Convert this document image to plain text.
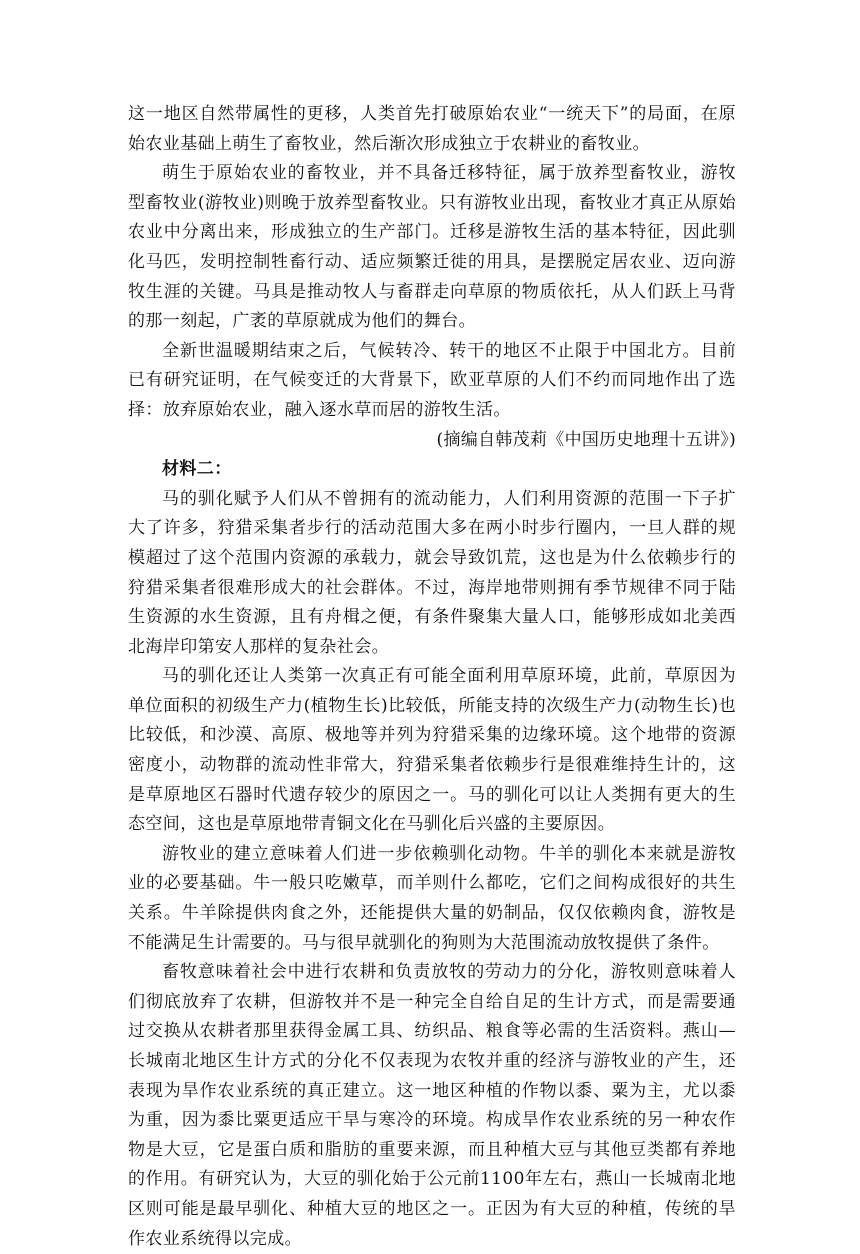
这一地区自然带属性的更移，人类首先打破原始农业“一统天下”的局面，在原始农业基础上萌生了畜牧业，然后渐次形成独立于农耕业的畜牧业。

萌生于原始农业的畜牧业，并不具备迁移特征，属于放养型畜牧业，游牧型畜牧业(游牧业)则晚于放养型畜牧业。只有游牧业出现，畜牧业才真正从原始农业中分离出来，形成独立的生产部门。迁移是游牧生活的基本特征，因此驯化马匹，发明控制牲畜行动、适应频繁迁徙的用具，是摆脱定居农业、迈向游牧生涯的关键。马具是推动牧人与畜群走向草原的物质依托，从人们跃上马背的那一刻起，广袤的草原就成为他们的舞台。

全新世温暖期结束之后，气候转冷、转干的地区不止限于中国北方。目前已有研究证明，在气候变迁的大背景下，欧亚草原的人们不约而同地作出了选择：放弃原始农业，融入逐水草而居的游牧生活。

(摘编自韩茂莉《中国历史地理十五讲》)

材料二：

马的驯化赋予人们从不曾拥有的流动能力，人们利用资源的范围一下子扩大了许多，狩猎采集者步行的活动范围大多在两小时步行圈内，一旦人群的规模超过了这个范围内资源的承载力，就会导致饥荒，这也是为什么依赖步行的狩猎采集者很难形成大的社会群体。不过，海岸地带则拥有季节规律不同于陆生资源的水生资源，且有舟楫之便，有条件聚集大量人口，能够形成如北美西北海岸印第安人那样的复杂社会。

马的驯化还让人类第一次真正有可能全面利用草原环境，此前，草原因为单位面积的初级生产力(植物生长)比较低，所能支持的次级生产力(动物生长)也比较低，和沙漠、高原、极地等并列为狩猎采集的边缘环境。这个地带的资源密度小，动物群的流动性非常大，狩猎采集者依赖步行是很难维持生计的，这是草原地区石器时代遗存较少的原因之一。马的驯化可以让人类拥有更大的生态空间，这也是草原地带青铜文化在马驯化后兴盛的主要原因。

游牧业的建立意味着人们进一步依赖驯化动物。牛羊的驯化本来就是游牧业的必要基础。牛一般只吃嫩草，而羊则什么都吃，它们之间构成很好的共生关系。牛羊除提供肉食之外，还能提供大量的奶制品，仅仅依赖肉食，游牧是不能满足生计需要的。马与很早就驯化的狗则为大范围流动放牧提供了条件。

畜牧意味着社会中进行农耕和负责放牧的劳动力的分化，游牧则意味着人们彻底放弃了农耕，但游牧并不是一种完全自给自足的生计方式，而是需要通过交换从农耕者那里获得金属工具、纺织品、粮食等必需的生活资料。燕山—长城南北地区生计方式的分化不仅表现为农牧并重的经济与游牧业的产生，还表现为旱作农业系统的真正建立。这一地区种植的作物以黍、粟为主，尤以黍为重，因为黍比粟更适应干旱与寒冷的环境。构成旱作农业系统的另一种农作物是大豆，它是蛋白质和脂肪的重要来源，而且种植大豆与其他豆类都有养地的作用。有研究认为，大豆的驯化始于公元前1100年左右，燕山一长城南北地区则可能是最早驯化、种植大豆的地区之一。正因为有大豆的种植，传统的旱作农业系统得以完成。
